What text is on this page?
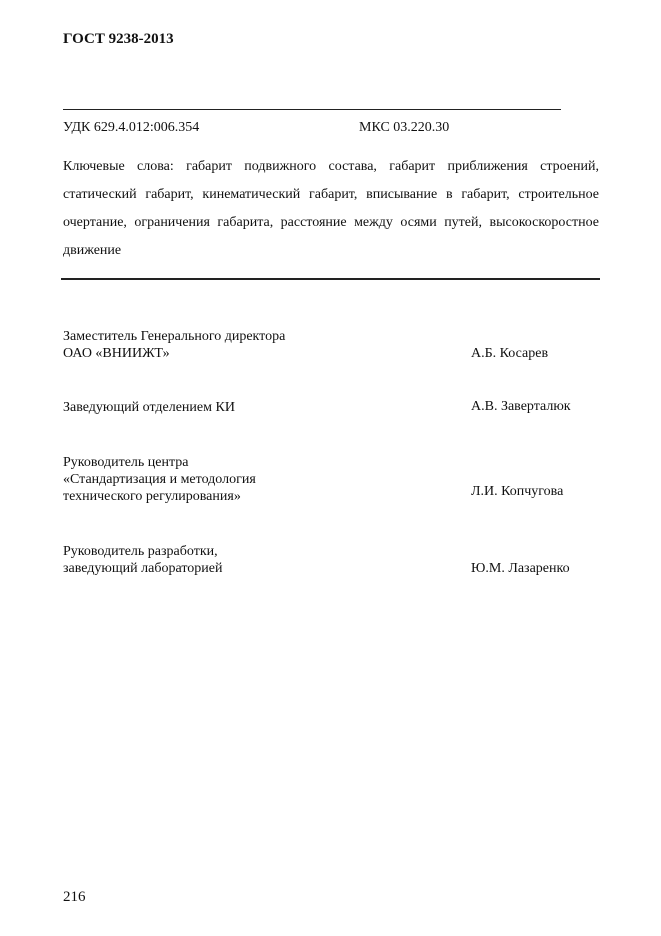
ГОСТ 9238-2013
УДК 629.4.012:006.354	МКС 03.220.30

Ключевые слова: габарит подвижного состава, габарит приближения строений, статический габарит, кинематический габарит, вписывание в габарит, строительное очертание, ограничения габарита, расстояние между осями путей, высокоскоростное движение

Заместитель Генерального директора
ОАО «ВНИИЖТ»	А.Б. Косарев
Заведующий отделением КИ	А.В. Заверталюк
Руководитель центра
«Стандартизация и методология
технического регулирования»	Л.И. Копчугова
Руководитель разработки,
заведующий лабораторией	Ю.М. Лазаренко
216
